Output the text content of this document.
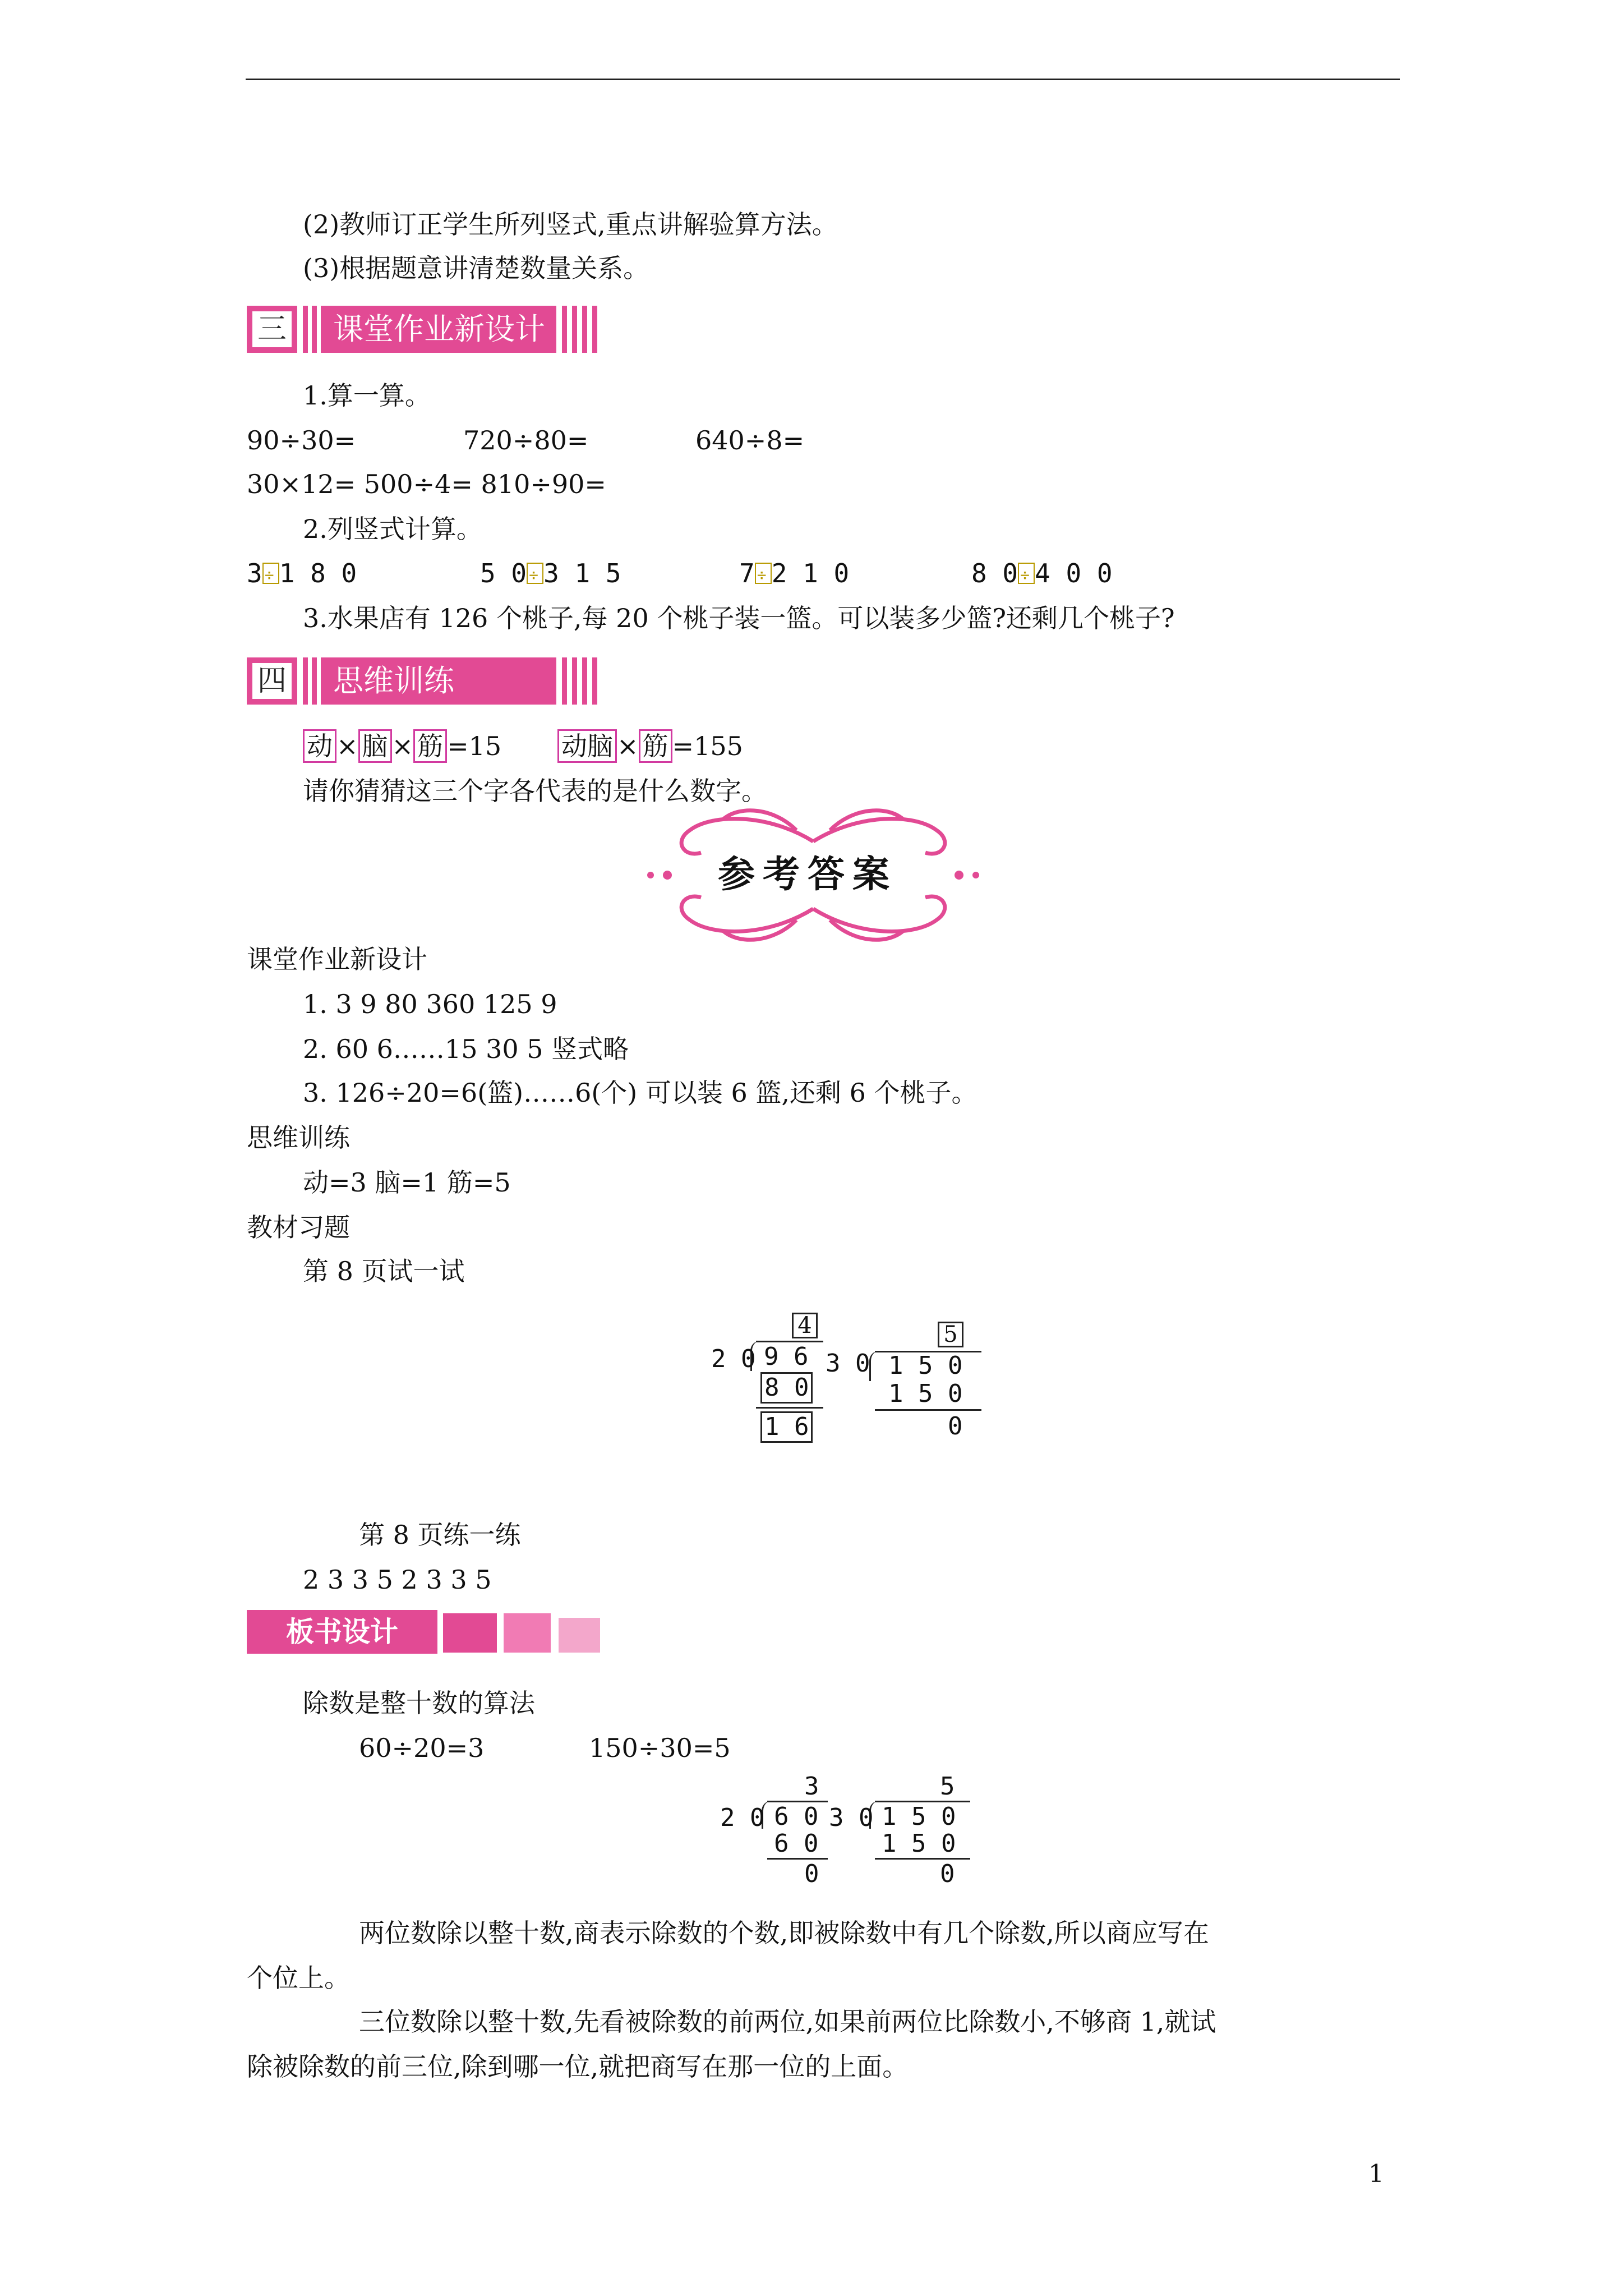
(2)教师订正学生所列竖式,重点讲解验算方法。
(3)根据题意讲清楚数量关系。
三	课堂作业新设计
1.算一算。
90÷30=	720÷80=	640÷8=
30×12= 500÷4= 810÷90=
2.列竖式计算。
3 ÷ 1 8 0	5 0 ÷ 3 1 5	7 ÷ 2 1 0	8 0 ÷ 4 0 0
3.水果店有 126 个桃子,每 20 个桃子装一篮。可以装多少篮?还剩几个桃子?
四	思维训练
动 × 脑 × 筋 =15 动脑 × 筋 =155
请你猜猜这三个字各代表的是什么数字。
参考答案
课堂作业新设计
1. 3 9 80 360 125 9
2. 60 6……15 30 5 竖式略
3. 126÷20=6(篮)……6(个) 可以装 6 篮,还剩 6 个桃子。
思维训练
动=3 脑=1 筋=5
教材习题
第 8 页试一试
4
2 0 9 6
8 0
1 6
5
3 0 1 5 0
1 5 0
0
第 8 页练一练
2 3 3 5 2 3 3 5
板书设计
除数是整十数的算法
60÷20=3	150÷30=5
3
2 0 6 0
6 0
0
5
3 0 1 5 0
1 5 0
0
两位数除以整十数,商表示除数的个数,即被除数中有几个除数,所以商应写在
个位上。
三位数除以整十数,先看被除数的前两位,如果前两位比除数小,不够商 1,就试
除被除数的前三位,除到哪一位,就把商写在那一位的上面。
1
